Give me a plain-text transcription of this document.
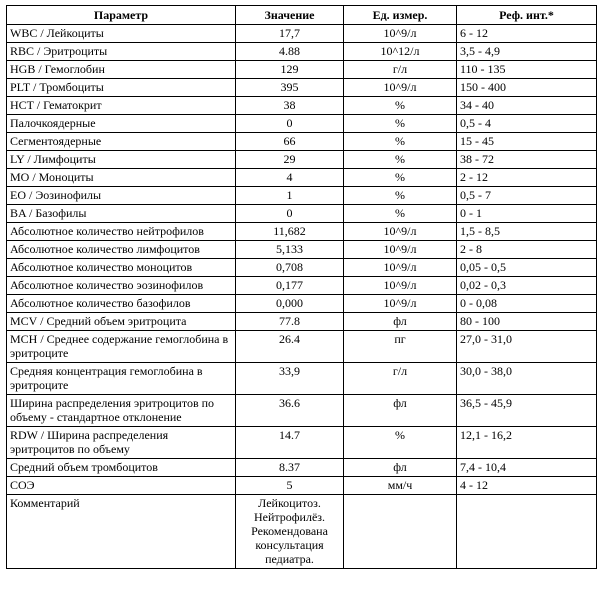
Параметр	Значение	Ед. измер.	Реф. инт.*
WBC / Лейкоциты	17,7	10^9/л	6 - 12
RBC / Эритроциты	4.88	10^12/л	3,5 - 4,9
HGB / Гемоглобин	129	г/л	110 - 135
PLT / Тромбоциты	395	10^9/л	150 - 400
HCT / Гематокрит	38	%	34 - 40
Палочкоядерные	0	%	0,5 - 4
Сегментоядерные	66	%	15 - 45
LY / Лимфоциты	29	%	38 - 72
MO / Моноциты	4	%	2 - 12
EO / Эозинофилы	1	%	0,5 - 7
BA / Базофилы	0	%	0 - 1
Абсолютное количество нейтрофилов	11,682	10^9/л	1,5 - 8,5
Абсолютное количество лимфоцитов	5,133	10^9/л	2 - 8
Абсолютное количество моноцитов	0,708	10^9/л	0,05 - 0,5
Абсолютное количество эозинофилов	0,177	10^9/л	0,02 - 0,3
Абсолютное количество базофилов	0,000	10^9/л	0 - 0,08
MCV / Средний объем эритроцита	77.8	фл	80 - 100
MCH / Среднее содержание гемоглобина в эритроците	26.4	пг	27,0 - 31,0
Средняя концентрация гемоглобина в эритроците	33,9	г/л	30,0 - 38,0
Ширина распределения эритроцитов по объему - стандартное отклонение	36.6	фл	36,5 - 45,9
RDW / Ширина распределения эритроцитов по объему	14.7	%	12,1 - 16,2
Средний объем тромбоцитов	8.37	фл	7,4 - 10,4
СОЭ	5	мм/ч	4 - 12
Комментарий	Лейкоцитоз. Нейтрофилёз. Рекомендована консультация педиатра.		
